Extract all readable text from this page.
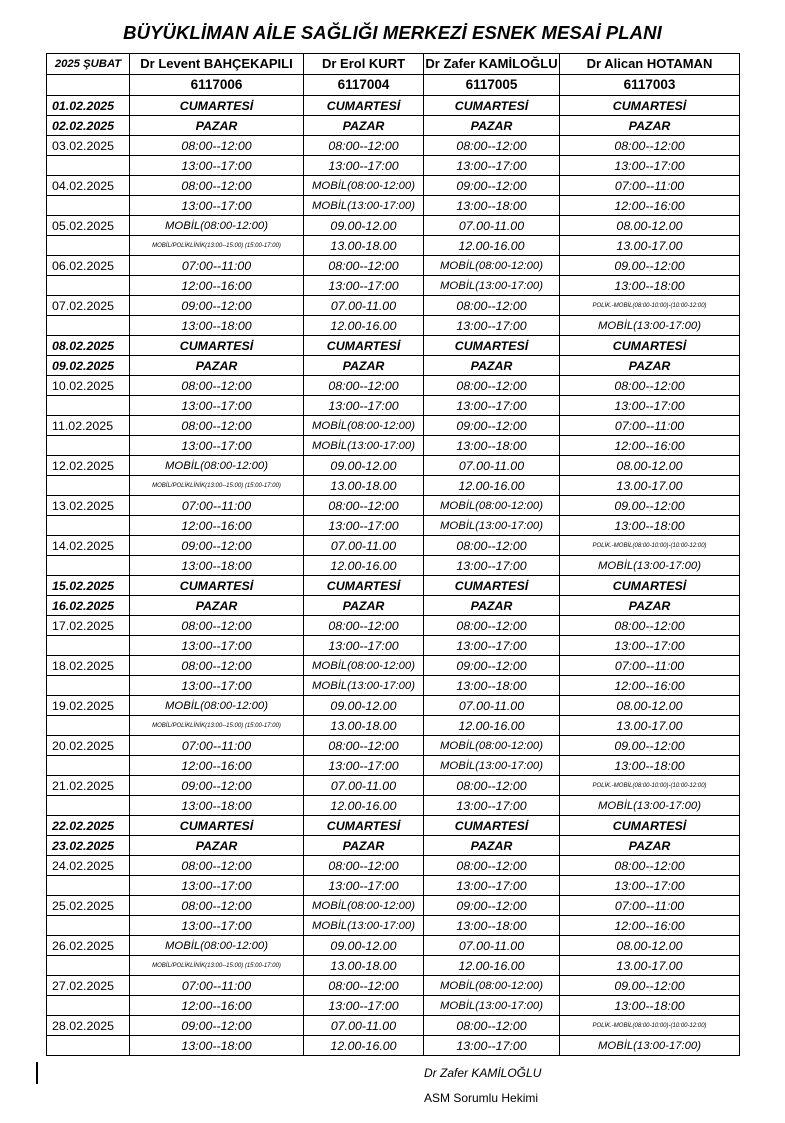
BÜYÜKLİMAN AİLE SAĞLIĞI MERKEZİ ESNEK MESAİ PLANI
2025 ŞUBAT	Dr Levent BAHÇEKAPILI	Dr Erol KURT	Dr Zafer KAMİLOĞLU	Dr Alican HOTAMAN
	6117006	6117004	6117005	6117003
01.02.2025	CUMARTESİ	CUMARTESİ	CUMARTESİ	CUMARTESİ
02.02.2025	PAZAR	PAZAR	PAZAR	PAZAR
03.02.2025	08:00--12:00	08:00--12:00	08:00--12:00	08:00--12:00
	13:00--17:00	13:00--17:00	13:00--17:00	13:00--17:00
04.02.2025	08:00--12:00	MOBİL(08:00-12:00)	09:00--12:00	07:00--11:00
	13:00--17:00	MOBİL(13:00-17:00)	13:00--18:00	12:00--16:00
05.02.2025	MOBİL(08:00-12:00)	09.00-12.00	07.00-11.00	08.00-12.00
	MOBİL/POLİKLİNİK(13:00--15:00) (15:00-17:00)	13.00-18.00	12.00-16.00	13.00-17.00
06.02.2025	07:00--11:00	08:00--12:00	MOBİL(08:00-12:00)	09.00--12:00
	12:00--16:00	13:00--17:00	MOBİL(13:00-17:00)	13:00--18:00
07.02.2025	09:00--12:00	07.00-11.00	08:00--12:00	POLİK.-MOBİL(08:00-10:00)-(10:00-12:00)
	13:00--18:00	12.00-16.00	13:00--17:00	MOBİL(13:00-17:00)
08.02.2025	CUMARTESİ	CUMARTESİ	CUMARTESİ	CUMARTESİ
09.02.2025	PAZAR	PAZAR	PAZAR	PAZAR
10.02.2025	08:00--12:00	08:00--12:00	08:00--12:00	08:00--12:00
	13:00--17:00	13:00--17:00	13:00--17:00	13:00--17:00
11.02.2025	08:00--12:00	MOBİL(08:00-12:00)	09:00--12:00	07:00--11:00
	13:00--17:00	MOBİL(13:00-17:00)	13:00--18:00	12:00--16:00
12.02.2025	MOBİL(08:00-12:00)	09.00-12.00	07.00-11.00	08.00-12.00
	MOBİL/POLİKLİNİK(13:00--15:00) (15:00-17:00)	13.00-18.00	12.00-16.00	13.00-17.00
13.02.2025	07:00--11:00	08:00--12:00	MOBİL(08:00-12:00)	09.00--12:00
	12:00--16:00	13:00--17:00	MOBİL(13:00-17:00)	13:00--18:00
14.02.2025	09:00--12:00	07.00-11.00	08:00--12:00	POLİK.-MOBİL(08:00-10:00)-(10:00-12:00)
	13:00--18:00	12.00-16.00	13:00--17:00	MOBİL(13:00-17:00)
15.02.2025	CUMARTESİ	CUMARTESİ	CUMARTESİ	CUMARTESİ
16.02.2025	PAZAR	PAZAR	PAZAR	PAZAR
17.02.2025	08:00--12:00	08:00--12:00	08:00--12:00	08:00--12:00
	13:00--17:00	13:00--17:00	13:00--17:00	13:00--17:00
18.02.2025	08:00--12:00	MOBİL(08:00-12:00)	09:00--12:00	07:00--11:00
	13:00--17:00	MOBİL(13:00-17:00)	13:00--18:00	12:00--16:00
19.02.2025	MOBİL(08:00-12:00)	09.00-12.00	07.00-11.00	08.00-12.00
	MOBİL/POLİKLİNİK(13:00--15:00) (15:00-17:00)	13.00-18.00	12.00-16.00	13.00-17.00
20.02.2025	07:00--11:00	08:00--12:00	MOBİL(08:00-12:00)	09.00--12:00
	12:00--16:00	13:00--17:00	MOBİL(13:00-17:00)	13:00--18:00
21.02.2025	09:00--12:00	07.00-11.00	08:00--12:00	POLİK.-MOBİL(08:00-10:00)-(10:00-12:00)
	13:00--18:00	12.00-16.00	13:00--17:00	MOBİL(13:00-17:00)
22.02.2025	CUMARTESİ	CUMARTESİ	CUMARTESİ	CUMARTESİ
23.02.2025	PAZAR	PAZAR	PAZAR	PAZAR
24.02.2025	08:00--12:00	08:00--12:00	08:00--12:00	08:00--12:00
	13:00--17:00	13:00--17:00	13:00--17:00	13:00--17:00
25.02.2025	08:00--12:00	MOBİL(08:00-12:00)	09:00--12:00	07:00--11:00
	13:00--17:00	MOBİL(13:00-17:00)	13:00--18:00	12:00--16:00
26.02.2025	MOBİL(08:00-12:00)	09.00-12.00	07.00-11.00	08.00-12.00
	MOBİL/POLİKLİNİK(13:00--15:00) (15:00-17:00)	13.00-18.00	12.00-16.00	13.00-17.00
27.02.2025	07:00--11:00	08:00--12:00	MOBİL(08:00-12:00)	09.00--12:00
	12:00--16:00	13:00--17:00	MOBİL(13:00-17:00)	13:00--18:00
28.02.2025	09:00--12:00	07.00-11.00	08:00--12:00	POLİK.-MOBİL(08:00-10:00)-(10:00-12:00)
	13:00--18:00	12.00-16.00	13:00--17:00	MOBİL(13:00-17:00)
Dr Zafer KAMİLOĞLU
ASM Sorumlu Hekimi
